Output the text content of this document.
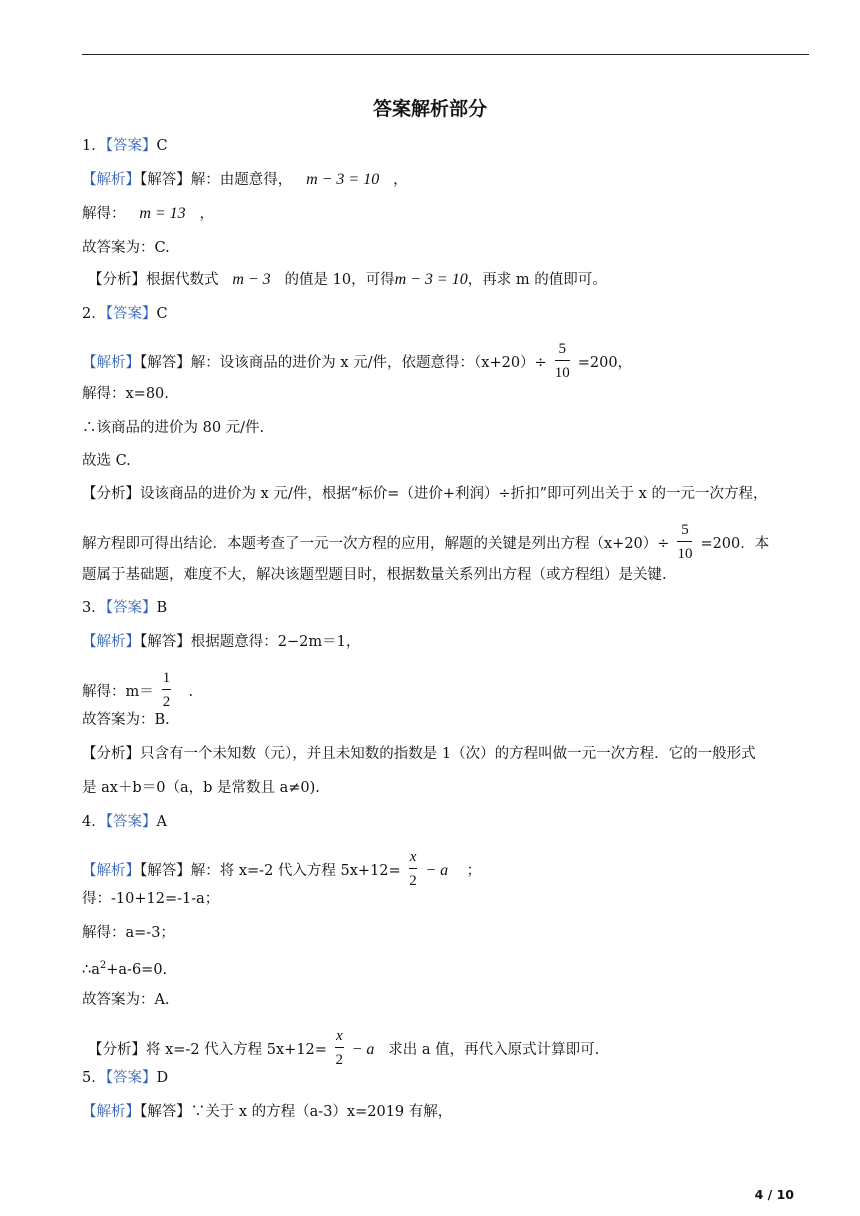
答案解析部分
1．【答案】C
【解析】【解答】解：由题意得， m − 3 = 10 ，
解得： m = 13 ，
故答案为：C.
【分析】根据代数式 m − 3 的值是 10，可得m − 3 = 10，再求 m 的值即可。
2．【答案】C
【解析】【解答】解：设该商品的进价为 x 元/件，依题意得：$(x+20)\div \frac{5}{10} =200$，
解得：x=80.
∴该商品的进价为 80 元/件.
故选 C.
【分析】设该商品的进价为 x 元/件，根据“标价=（进价+利润）÷折扣”即可列出关于 x 的一元一次方程，
解方程即可得出结论．本题考查了一元一次方程的应用，解题的关键是列出方程$(x+20)\div \frac{5}{10} =200$．本
题属于基础题，难度不大，解决该题型题目时，根据数量关系列出方程（或方程组）是关键.
3．【答案】B
【解析】【解答】根据题意得：2−2m＝1，
解得：$m= \frac{1}{2}$ .
故答案为：B.
【分析】只含有一个未知数（元），并且未知数的指数是 1（次）的方程叫做一元一次方程．它的一般形式
是 ax＋b＝0（a，b 是常数且 a≠0).
4．【答案】A
【解析】【解答】解：将 x=-2 代入方程 $5x+12= \frac{x}{2} - a$ ；
得：-10+12=-1-a；
解得：a=-3；
$\therefore a^2+a-6=0$.
故答案为：A.
【分析】将 x=-2 代入方程 $5x+12= \frac{x}{2} - a$ 求出 a 值，再代入原式计算即可.
5．【答案】D
【解析】【解答】∵关于 x 的方程（a-3）x=2019 有解，
4 / 10
